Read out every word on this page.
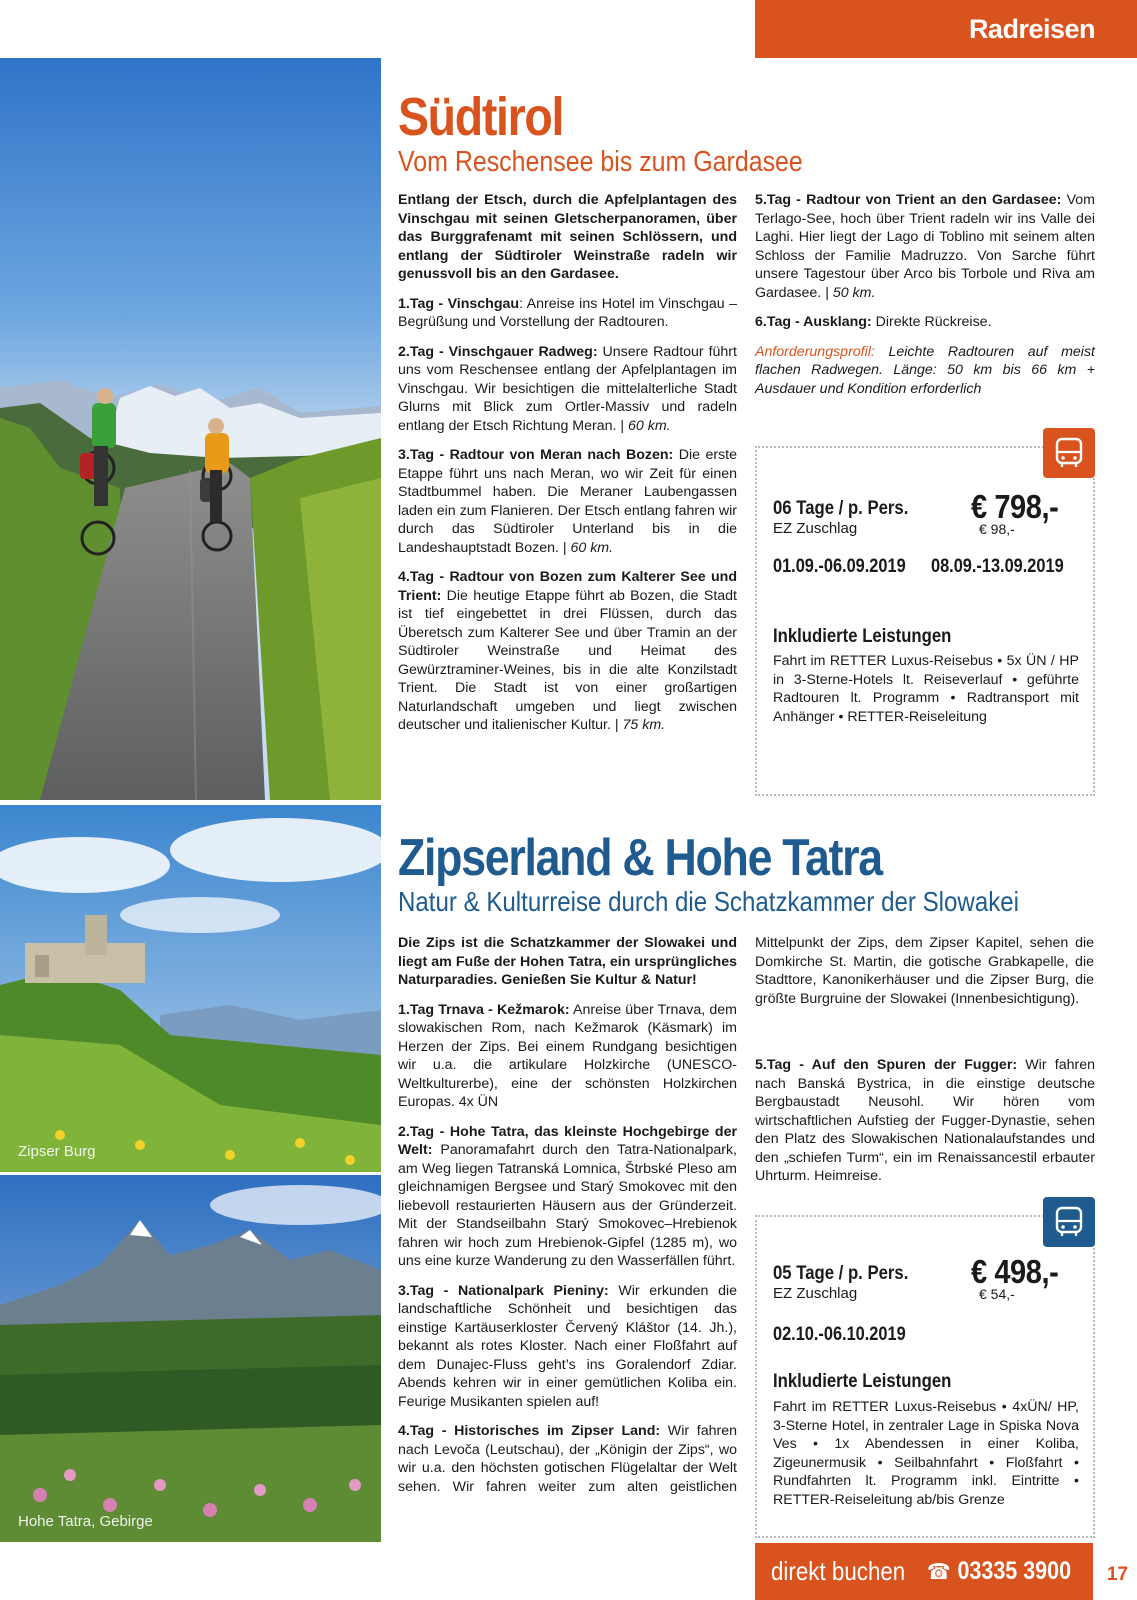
Radreisen
Zipser Burg
Hohe Tatra, Gebirge
Südtirol
Vom Reschensee bis zum Gardasee

Entlang der Etsch, durch die Apfelplantagen des Vinschgau mit seinen Gletscherpanoramen, über das Burggrafenamt mit seinen Schlössern, und entlang der Südtiroler Weinstraße radeln wir genussvoll bis an den Gardasee.

1.Tag - Vinschgau: Anreise ins Hotel im Vinschgau – Begrüßung und Vorstellung der Radtouren.

2.Tag - Vinschgauer Radweg: Unsere Radtour führt uns vom Reschensee entlang der Apfelplantagen im Vinschgau. Wir besichtigen die mittelalterliche Stadt Glurns mit Blick zum Ortler-Massiv und radeln entlang der Etsch Richtung Meran. | 60 km.

3.Tag - Radtour von Meran nach Bozen: Die erste Etappe führt uns nach Meran, wo wir Zeit für einen Stadtbummel haben. Die Meraner Laubengassen laden ein zum Flanieren. Der Etsch entlang fahren wir durch das Südtiroler Unterland bis in die Landeshauptstadt Bozen. | 60 km.

4.Tag - Radtour von Bozen zum Kalterer See und Trient: Die heutige Etappe führt ab Bozen, die Stadt ist tief eingebettet in drei Flüssen, durch das Überetsch zum Kalterer See und über Tramin an der Südtiroler Weinstraße und Heimat des Gewürztraminer-Weines, bis in die alte Konzilstadt Trient. Die Stadt ist von einer großartigen Naturlandschaft umgeben und liegt zwischen deutscher und italienischer Kultur. | 75 km.

5.Tag - Radtour von Trient an den Gardasee: Vom Terlago-See, hoch über Trient radeln wir ins Valle dei Laghi. Hier liegt der Lago di Toblino mit seinem alten Schloss der Familie Madruzzo. Von Sarche führt unsere Tagestour über Arco bis Torbole und Riva am Gardasee. | 50 km.

6.Tag - Ausklang: Direkte Rückreise.

Anforderungsprofil: Leichte Radtouren auf meist flachen Radwegen. Länge: 50 km bis 66 km + Ausdauer und Kondition erforderlich

06 Tage / p. Pers. € 798,-
EZ Zuschlag	€ 98,-
01.09.-06.09.2019 08.09.-13.09.2019
Inkludierte Leistungen
Fahrt im RETTER Luxus-Reisebus • 5x ÜN / HP in 3-Sterne-Hotels lt. Reiseverlauf • geführte Radtouren lt. Programm • Radtransport mit Anhänger • RETTER-Reiseleitung
Zipserland & Hohe Tatra
Natur & Kulturreise durch die Schatzkammer der Slowakei

Die Zips ist die Schatzkammer der Slowakei und liegt am Fuße der Hohen Tatra, ein ursprüngliches Naturparadies. Genießen Sie Kultur & Natur!

1.Tag Trnava - Kežmarok: Anreise über Trnava, dem slowakischen Rom, nach Kežmarok (Käsmark) im Herzen der Zips. Bei einem Rundgang besichtigen wir u.a. die artikulare Holzkirche (UNESCO-Weltkulturerbe), eine der schönsten Holzkirchen Europas. 4x ÜN

2.Tag - Hohe Tatra, das kleinste Hochgebirge der Welt: Panoramafahrt durch den Tatra-Nationalpark, am Weg liegen Tatranská Lomnica, Štrbské Pleso am gleichnamigen Bergsee und Starý Smokovec mit den liebevoll restaurierten Häusern aus der Gründerzeit. Mit der Standseilbahn Starý Smokovec–Hrebienok fahren wir hoch zum Hrebienok-Gipfel (1285 m), wo uns eine kurze Wanderung zu den Wasserfällen führt.

3.Tag - Nationalpark Pieniny: Wir erkunden die landschaftliche Schönheit und besichtigen das einstige Kartäuserkloster Červený Kláštor (14. Jh.), bekannt als rotes Kloster. Nach einer Floßfahrt auf dem Dunajec-Fluss geht’s ins Goralendorf Zdiar. Abends kehren wir in einer gemütlichen Koliba ein. Feurige Musikanten spielen auf!

4.Tag - Historisches im Zipser Land: Wir fahren nach Levoča (Leutschau), der „Königin der Zips“, wo wir u.a. den höchsten gotischen Flügelaltar der Welt sehen. Wir fahren weiter zum alten geistlichen

Mittelpunkt der Zips, dem Zipser Kapitel, sehen die Domkirche St. Martin, die gotische Grabkapelle, die Stadttore, Kanonikerhäuser und die Zipser Burg, die größte Burgruine der Slowakei (Innenbesichtigung).

5.Tag - Auf den Spuren der Fugger: Wir fahren nach Banská Bystrica, in die einstige deutsche Bergbaustadt Neusohl. Wir hören vom wirtschaftlichen Aufstieg der Fugger-Dynastie, sehen den Platz des Slowakischen Nationalaufstandes und den „schiefen Turm“, ein im Renaissancestil erbauter Uhrturm. Heimreise.

05 Tage / p. Pers. € 498,-
EZ Zuschlag	€ 54,-
02.10.-06.10.2019
Inkludierte Leistungen
Fahrt im RETTER Luxus-Reisebus • 4xÜN/ HP, 3-Sterne Hotel, in zentraler Lage in Spiska Nova Ves • 1x Abendessen in einer Koliba, Zigeunermusik • Seilbahnfahrt • Floßfahrt • Rundfahrten lt. Programm inkl. Eintritte • RETTER-Reiseleitung ab/bis Grenze
direkt buchen ☎ 03335 3900	17
